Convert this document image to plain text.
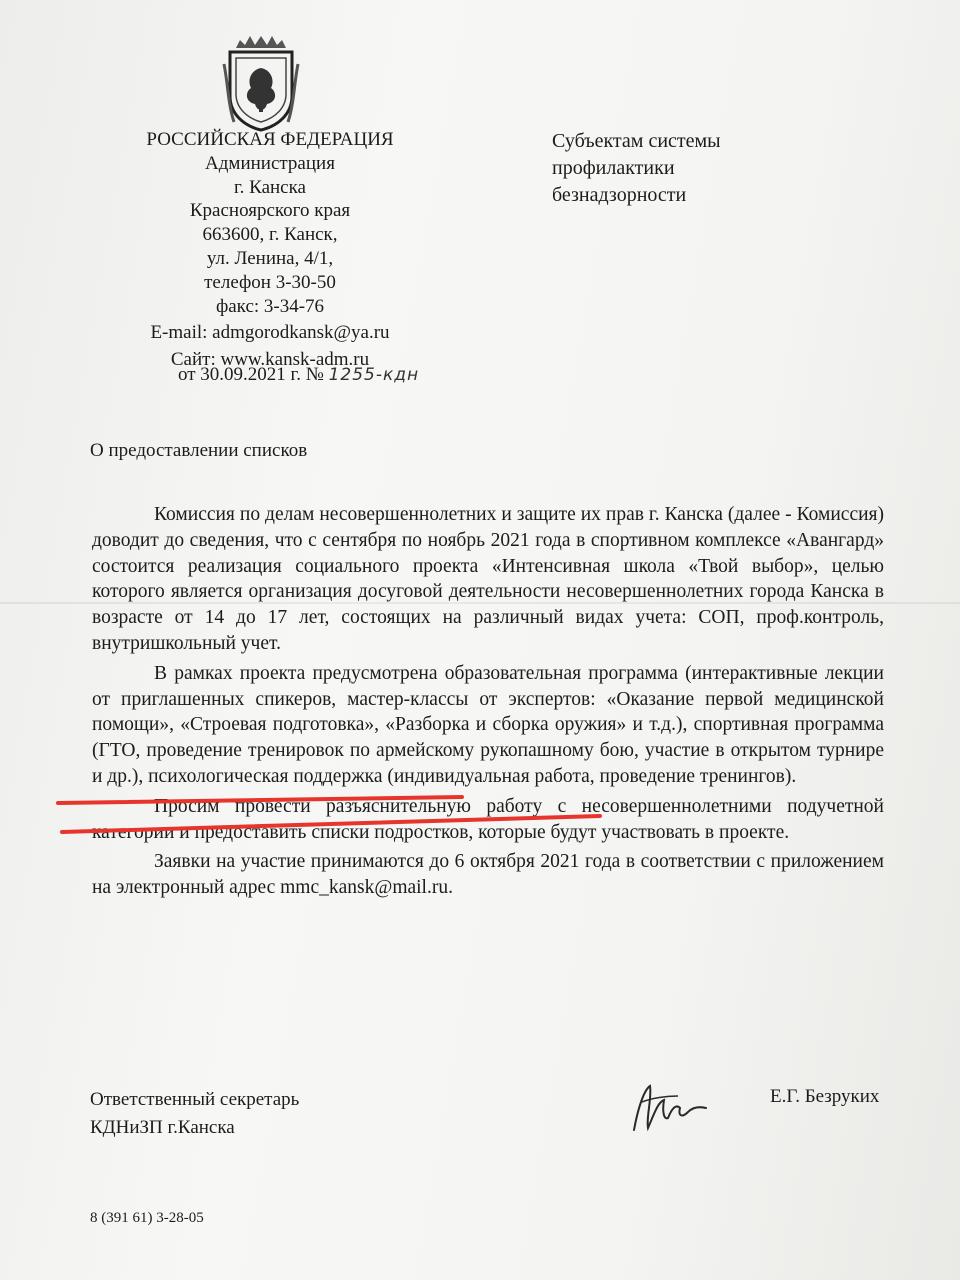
РОССИЙСКАЯ ФЕДЕРАЦИЯ
Администрация
г. Канска
Красноярского края
663600, г. Канск,
ул. Ленина, 4/1,
телефон 3-30-50
факс: 3-34-76
E-mail: admgorodkansk@ya.ru
Сайт: www.kansk-adm.ru
от 30.09.2021 г. № 1255-кдн
Субъектам системы
профилактики
безнадзорности
О предоставлении списков

Комиссия по делам несовершеннолетних и защите их прав г. Канска (далее - Комиссия) доводит до сведения, что с сентября по ноябрь 2021 года в спортивном комплексе «Авангард» состоится реализация социального проекта «Интенсивная школа «Твой выбор», целью которого является организация досуговой деятельности несовершеннолетних города Канска в возрасте от 14 до 17 лет, состоящих на различный видах учета: СОП, проф.контроль, внутришкольный учет.

В рамках проекта предусмотрена образовательная программа (интерактивные лекции от приглашенных спикеров, мастер-классы от экспертов: «Оказание первой медицинской помощи», «Строевая подготовка», «Разборка и сборка оружия» и т.д.), спортивная программа (ГТО, проведение тренировок по армейскому рукопашному бою, участие в открытом турнире и др.), психологическая поддержка (индивидуальная работа, проведение тренингов).

Просим провести разъяснительную работу с несовершеннолетними подучетной категории и предоставить списки подростков, которые будут участвовать в проекте.

Заявки на участие принимаются до 6 октября 2021 года в соответствии с приложением на электронный адрес mmc_kansk@mail.ru.

Ответственный секретарь
КДНиЗП г.Канска
Е.Г. Безруких
8 (391 61) 3-28-05
